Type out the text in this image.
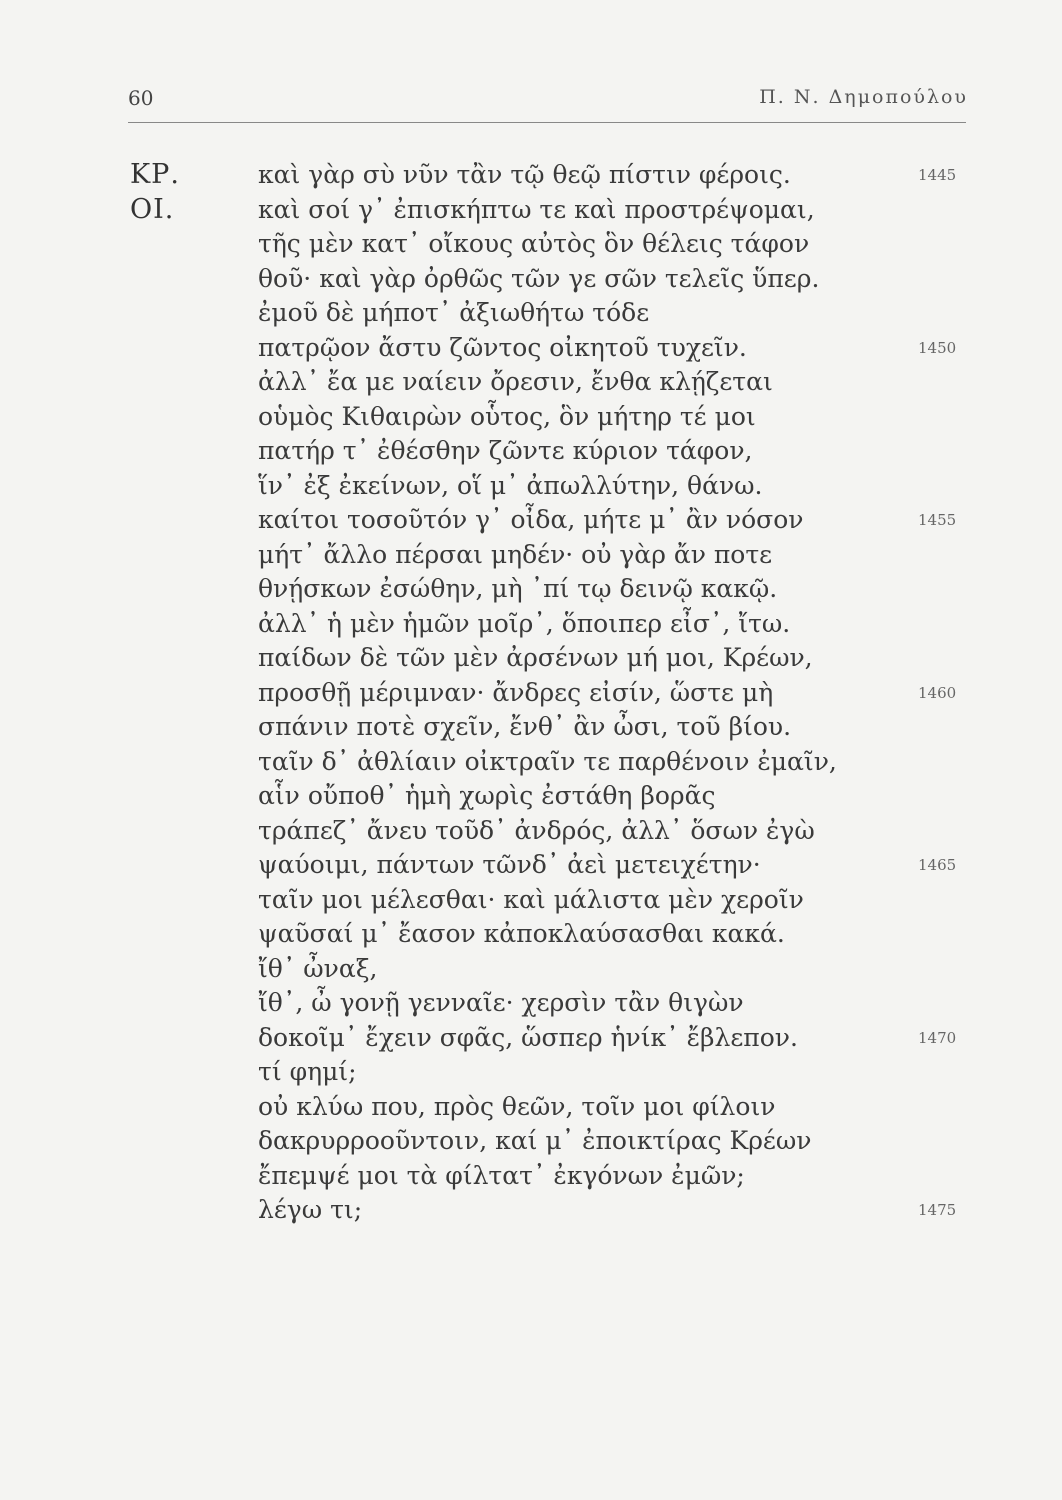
60	Π. Ν. Δημοπούλου
ΚΡ.	καὶ γὰρ σὺ νῦν τἂν τῷ θεῷ πίστιν φέροις.	1445
ΟΙ.	καὶ σοί γ᾽ ἐπισκήπτω τε καὶ προστρέψομαι,
τῆς μὲν κατ᾽ οἴκους αὐτὸς ὃν θέλεις τάφον
θοῦ· καὶ γὰρ ὀρθῶς τῶν γε σῶν τελεῖς ὕπερ.
ἐμοῦ δὲ μήποτ᾽ ἀξιωθήτω τόδε
πατρῷον ἄστυ ζῶντος οἰκητοῦ τυχεῖν.	1450
ἀλλ᾽ ἔα με ναίειν ὄρεσιν, ἔνθα κλῄζεται
οὑμὸς Κιθαιρὼν οὗτος, ὃν μήτηρ τέ μοι
πατήρ τ᾽ ἐθέσθην ζῶντε κύριον τάφον,
ἵν᾽ ἐξ ἐκείνων, οἵ μ᾽ ἀπωλλύτην, θάνω.
καίτοι τοσοῦτόν γ᾽ οἶδα, μήτε μ᾽ ἂν νόσον	1455
μήτ᾽ ἄλλο πέρσαι μηδέν· οὐ γὰρ ἄν ποτε
θνῄσκων ἐσώθην, μὴ ᾽πί τῳ δεινῷ κακῷ.
ἀλλ᾽ ἡ μὲν ἡμῶν μοῖρ᾽, ὅποιπερ εἶσ᾽, ἴτω.
παίδων δὲ τῶν μὲν ἀρσένων μή μοι, Κρέων,
προσθῇ μέριμναν· ἄνδρες εἰσίν, ὥστε μὴ	1460
σπάνιν ποτὲ σχεῖν, ἔνθ᾽ ἂν ὦσι, τοῦ βίου.
ταῖν δ᾽ ἀθλίαιν οἰκτραῖν τε παρθένοιν ἐμαῖν,
αἷν οὔποθ᾽ ἡμὴ χωρὶς ἐστάθη βορᾶς
τράπεζ᾽ ἄνευ τοῦδ᾽ ἀνδρός, ἀλλ᾽ ὅσων ἐγὼ
ψαύοιμι, πάντων τῶνδ᾽ ἀεὶ μετειχέτην·	1465
ταῖν μοι μέλεσθαι· καὶ μάλιστα μὲν χεροῖν
ψαῦσαί μ᾽ ἔασον κἀποκλαύσασθαι κακά.
ἴθ᾽ ὦναξ,
ἴθ᾽, ὦ γονῇ γενναῖε· χερσὶν τἂν θιγὼν
δοκοῖμ᾽ ἔχειν σφᾶς, ὥσπερ ἡνίκ᾽ ἔβλεπον.	1470
τί φημί;
οὐ κλύω που, πρὸς θεῶν, τοῖν μοι φίλοιν
δακρυρροοῦντοιν, καί μ᾽ ἐποικτίρας Κρέων
ἔπεμψέ μοι τὰ φίλτατ᾽ ἐκγόνων ἐμῶν;
λέγω τι;	1475
